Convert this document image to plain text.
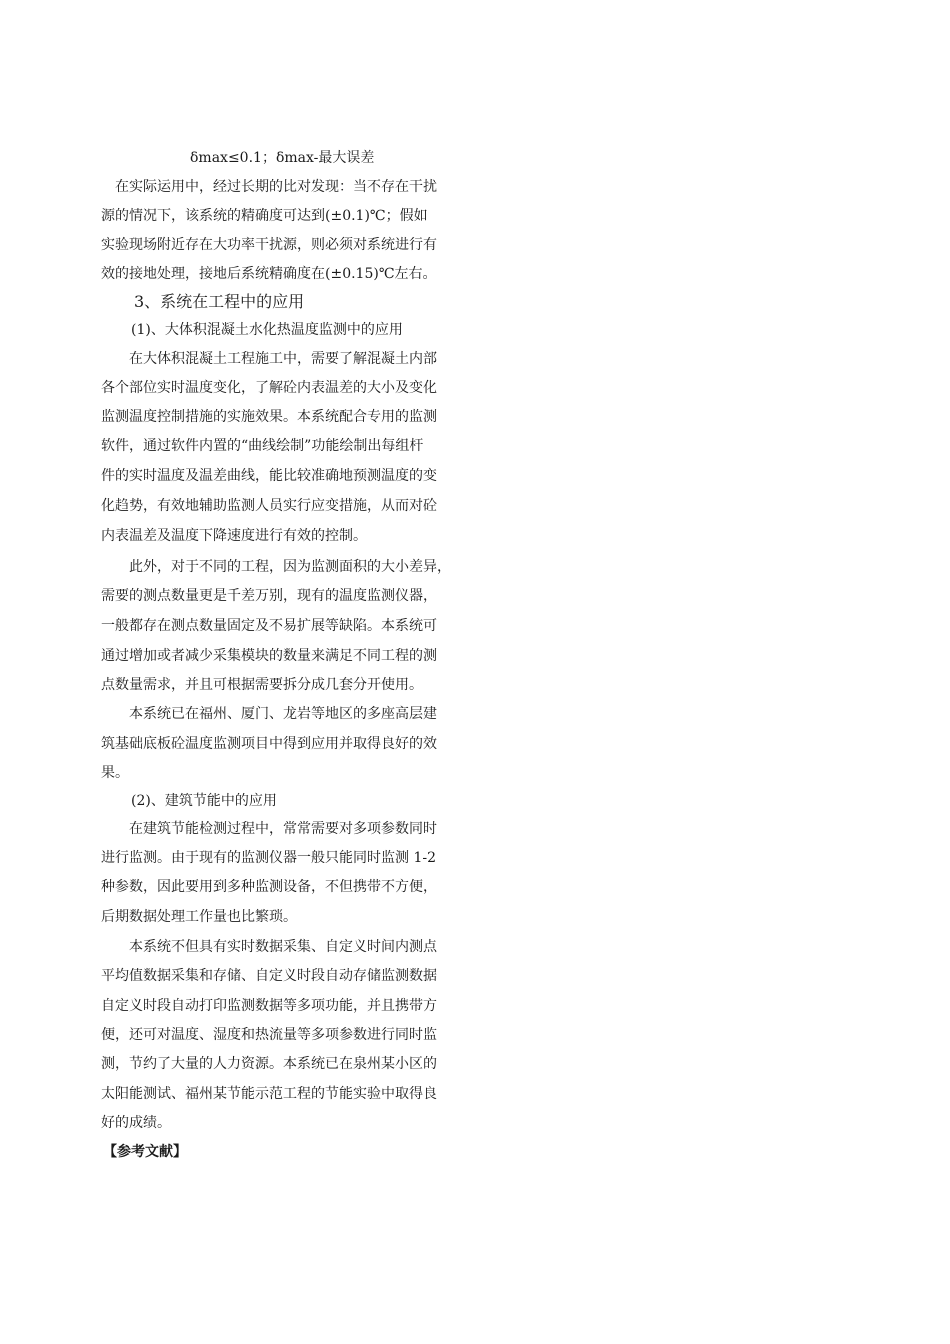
δmax≤0.1；δmax-最大误差
在实际运用中，经过长期的比对发现：当不存在干扰
源的情况下，该系统的精确度可达到(±0.1)℃；假如
实验现场附近存在大功率干扰源，则必须对系统进行有
效的接地处理，接地后系统精确度在(±0.15)℃左右。
3、系统在工程中的应用
(1)、大体积混凝土水化热温度监测中的应用
在大体积混凝土工程施工中，需要了解混凝土内部
各个部位实时温度变化，了解砼内表温差的大小及变化
监测温度控制措施的实施效果。本系统配合专用的监测
软件，通过软件内置的“曲线绘制”功能绘制出每组杆
件的实时温度及温差曲线，能比较准确地预测温度的变
化趋势，有效地辅助监测人员实行应变措施，从而对砼
内表温差及温度下降速度进行有效的控制。
此外，对于不同的工程，因为监测面积的大小差异，
需要的测点数量更是千差万别，现有的温度监测仪器，
一般都存在测点数量固定及不易扩展等缺陷。本系统可
通过增加或者减少采集模块的数量来满足不同工程的测
点数量需求，并且可根据需要拆分成几套分开使用。
本系统已在福州、厦门、龙岩等地区的多座高层建
筑基础底板砼温度监测项目中得到应用并取得良好的效
果。
(2)、建筑节能中的应用
在建筑节能检测过程中，常常需要对多项参数同时
进行监测。由于现有的监测仪器一般只能同时监测 1-2
种参数，因此要用到多种监测设备，不但携带不方便，
后期数据处理工作量也比繁琐。
本系统不但具有实时数据采集、自定义时间内测点
平均值数据采集和存储、自定义时段自动存储监测数据
自定义时段自动打印监测数据等多项功能，并且携带方
便，还可对温度、湿度和热流量等多项参数进行同时监
测，节约了大量的人力资源。本系统已在泉州某小区的
太阳能测试、福州某节能示范工程的节能实验中取得良
好的成绩。
【参考文献】
